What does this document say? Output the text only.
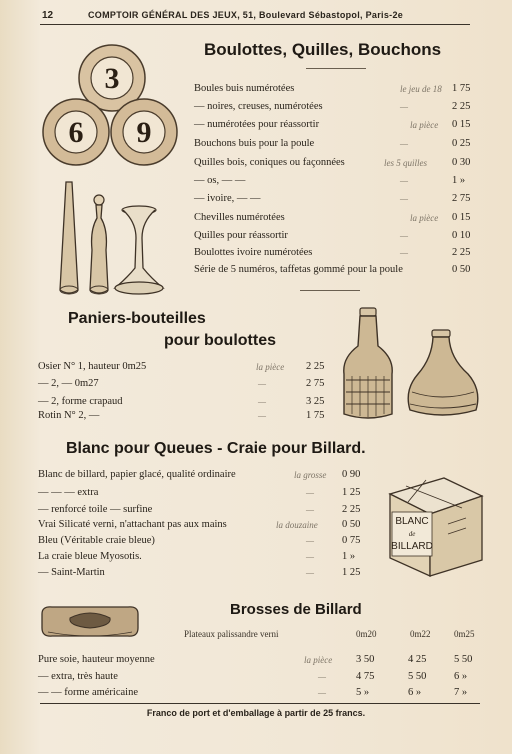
12	COMPTOIR GÉNÉRAL DES JEUX, 51, Boulevard Sébastopol, Paris-2e
Boulottes, Quilles, Bouchons
3
6 9
Boules buis numérotées	le jeu de 18 1 75
— noires, creuses, numérotées	—	2 25
— numérotées pour réassortir	la pièce 0 15
Bouchons buis pour la poule	—	0 25
Quilles bois, coniques ou façonnées	les 5 quilles 0 30
— os, — —	—	1 »
— ivoire, — —	—	2 75
Chevilles numérotées	la pièce 0 15
Quilles pour réassortir	—	0 10
Boulottes ivoire numérotées	—	2 25
Série de 5 numéros, taffetas gommé pour la poule	0 50
Paniers-bouteilles
pour boulottes
Osier N° 1, hauteur 0m25	la pièce 2 25
— 2, — 0m27	—	2 75
— 2, forme crapaud	—	3 25
Rotin N° 2, —	—	1 75
Blanc pour Queues - Craie pour Billard.
BLANC
de
BILLARD
Blanc de billard, papier glacé, qualité ordinaire	la grosse 0 90
— — — extra	—	1 25
— renforcé toile — surfine	—	2 25
Vrai Silicaté verni, n'attachant pas aux mains	la douzaine 0 50
Bleu (Véritable craie bleue)	—	0 75
La craie bleue Myosotis.	—	1 »
— Saint-Martin	—	1 25
Brosses de Billard
Plateaux palissandre verni	0m20	0m22	0m25
Pure soie, hauteur moyenne	la pièce 3 50	4 25	5 50
— extra, très haute	—	4 75	5 50	6 »
— — forme américaine	—	5 »	6 »	7 »
Franco de port et d'emballage à partir de 25 francs.
